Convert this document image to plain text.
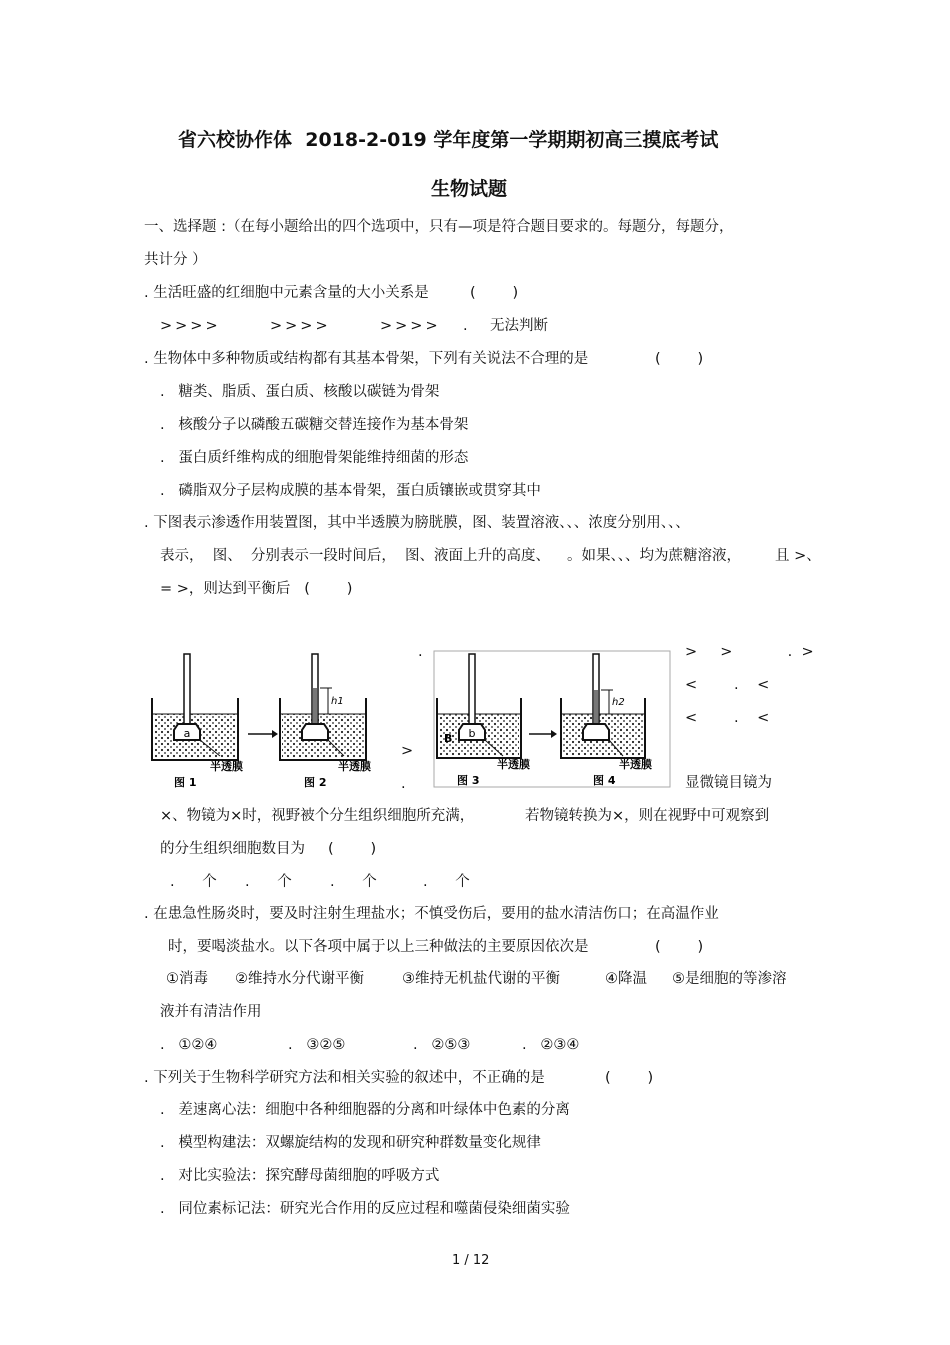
省六校协作体  2018-2-019 学年度第一学期期初高三摸底考试
生物试题
一、选择题 :（在每小题给出的四个选项中，只有—项是符合题目要求的。每题分，每题分，
共计分 ）
. 生活旺盛的红细胞中元素含量的大小关系是	(        )
>>>>	>>>>	>>>> . 无法判断
. 生物体中多种物质或结构都有其基本骨架，下列有关说法不合理的是	(        )
.   糖类、脂质、蛋白质、核酸以碳链为骨架
.   核酸分子以磷酸五碳糖交替连接作为基本骨架
.   蛋白质纤维构成的细胞骨架能维持细菌的形态
.   磷脂双分子层构成膜的基本骨架，蛋白质镶嵌或贯穿其中
. 下图表示渗透作用装置图，其中半透膜为膀胱膜，图、装置溶液、、、浓度分别用、、、
表示，  图、  分别表示一段时间后， 图、液面上升的高度、 。如果、、、均为蔗糖溶液， 且 >、
= >，则达到平衡后   (        )
.
>
.
>     >            .  >
<        .    <
<        .    <
a
半透膜
图 1
h1
半透膜
图 2
b
B
半透膜
图 3
h2
半透膜
图 4	显微镜目镜为
×、物镜为×时，视野被个分生组织细胞所充满，	若物镜转换为×，则在视野中可观察到
的分生组织细胞数目为 (        )
.      个 .      个	.      个	.      个
. 在患急性肠炎时，要及时注射生理盐水；不慎受伤后，要用的盐水清洁伤口；在高温作业
时，要喝淡盐水。以下各项中属于以上三种做法的主要原因依次是	(        )
①消毒 ②维持水分代谢平衡	③维持无机盐代谢的平衡	④降温 ⑤是细胞的等渗溶
液并有清洁作用
.   ①②④	.   ③②⑤	.   ②⑤③	.   ②③④
. 下列关于生物科学研究方法和相关实验的叙述中，不正确的是	(        )
.   差速离心法：细胞中各种细胞器的分离和叶绿体中色素的分离
.   模型构建法：双螺旋结构的发现和研究种群数量变化规律
.   对比实验法：探究酵母菌细胞的呼吸方式
.   同位素标记法：研究光合作用的反应过程和噬菌侵染细菌实验
1 / 12
